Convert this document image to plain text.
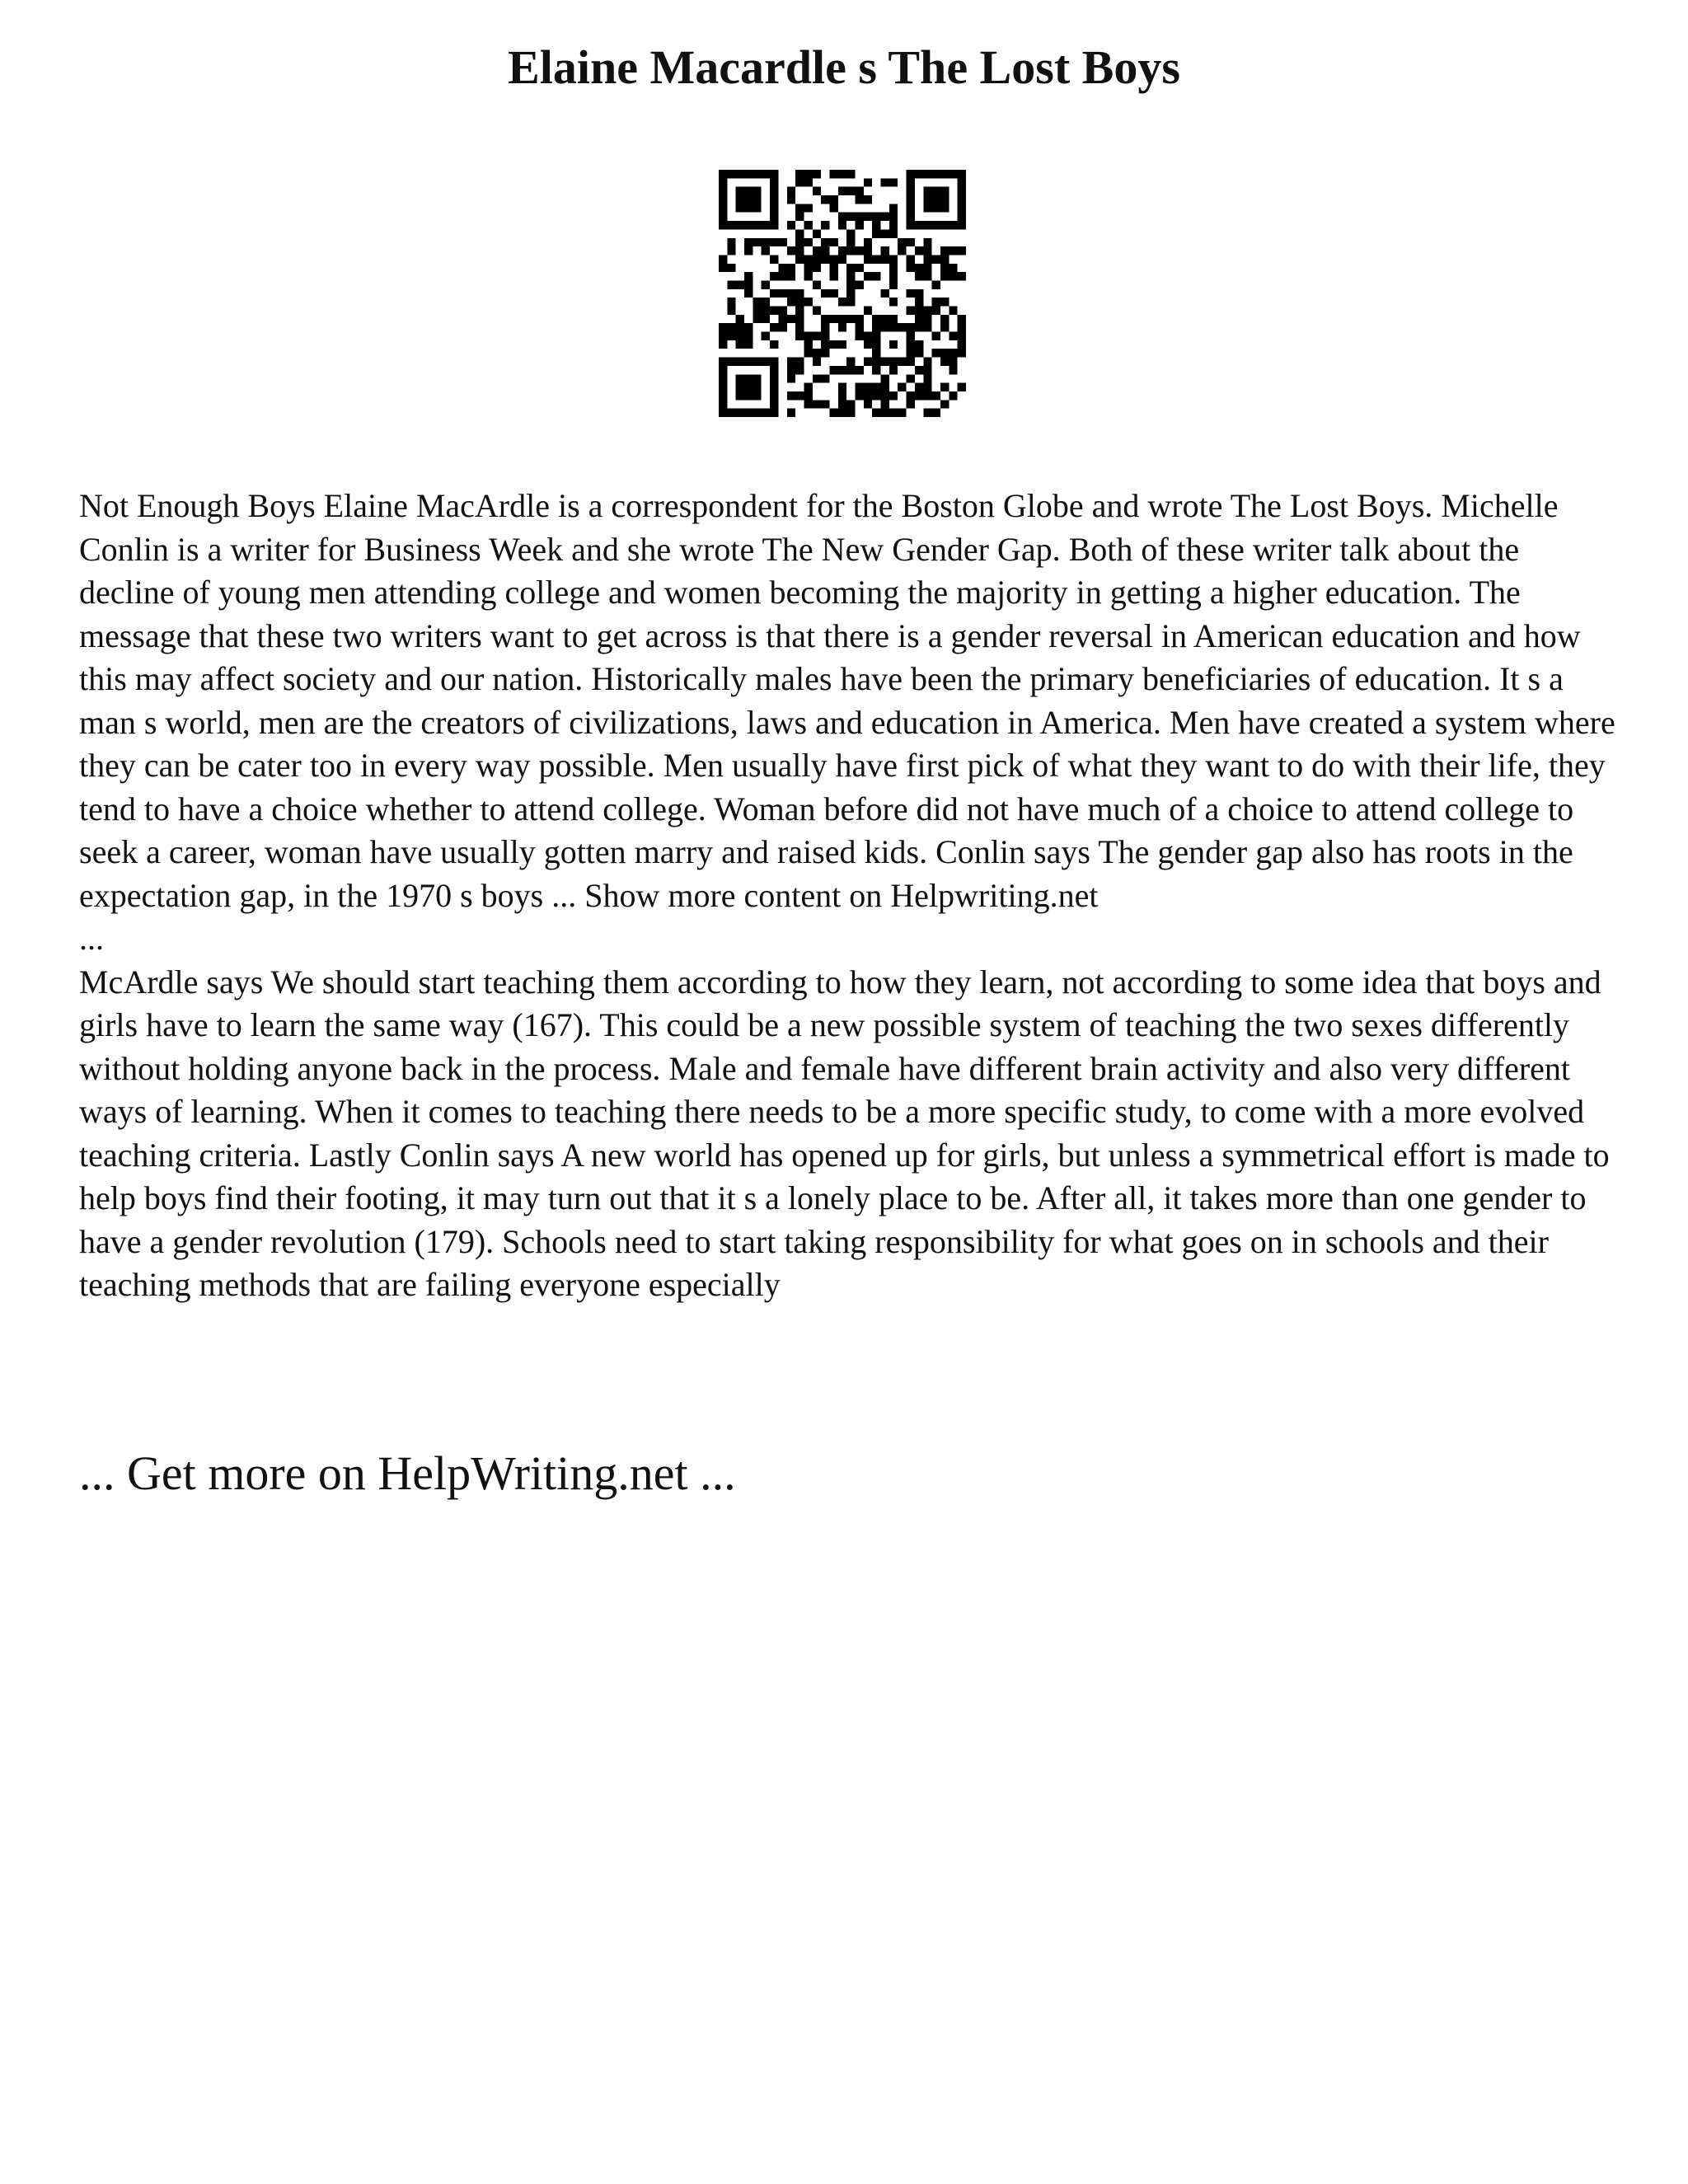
Elaine Macardle s The Lost Boys

Not Enough Boys Elaine MacArdle is a correspondent for the Boston Globe and wrote The Lost Boys. Michelle Conlin is a writer for Business Week and she wrote The New Gender Gap. Both of these writer talk about the decline of young men attending college and women becoming the majority in getting a higher education. The message that these two writers want to get across is that there is a gender reversal in American education and how this may affect society and our nation. Historically males have been the primary beneficiaries of education. It s a man s world, men are the creators of civilizations, laws and education in America. Men have created a system where they can be cater too in every way possible. Men usually have first pick of what they want to do with their life, they tend to have a choice whether to attend college. Woman before did not have much of a choice to attend college to seek a career, woman have usually gotten marry and raised kids. Conlin says The gender gap also has roots in the expectation gap, in the 1970 s boys ... Show more content on Helpwriting.net
...

McArdle says We should start teaching them according to how they learn, not according to some idea that boys and girls have to learn the same way (167). This could be a new possible system of teaching the two sexes differently without holding anyone back in the process. Male and female have different brain activity and also very different ways of learning. When it comes to teaching there needs to be a more specific study, to come with a more evolved teaching criteria. Lastly Conlin says A new world has opened up for girls, but unless a symmetrical effort is made to help boys find their footing, it may turn out that it s a lonely place to be. After all, it takes more than one gender to have a gender revolution (179). Schools need to start taking responsibility for what goes on in schools and their teaching methods that are failing everyone especially

... Get more on HelpWriting.net ...
